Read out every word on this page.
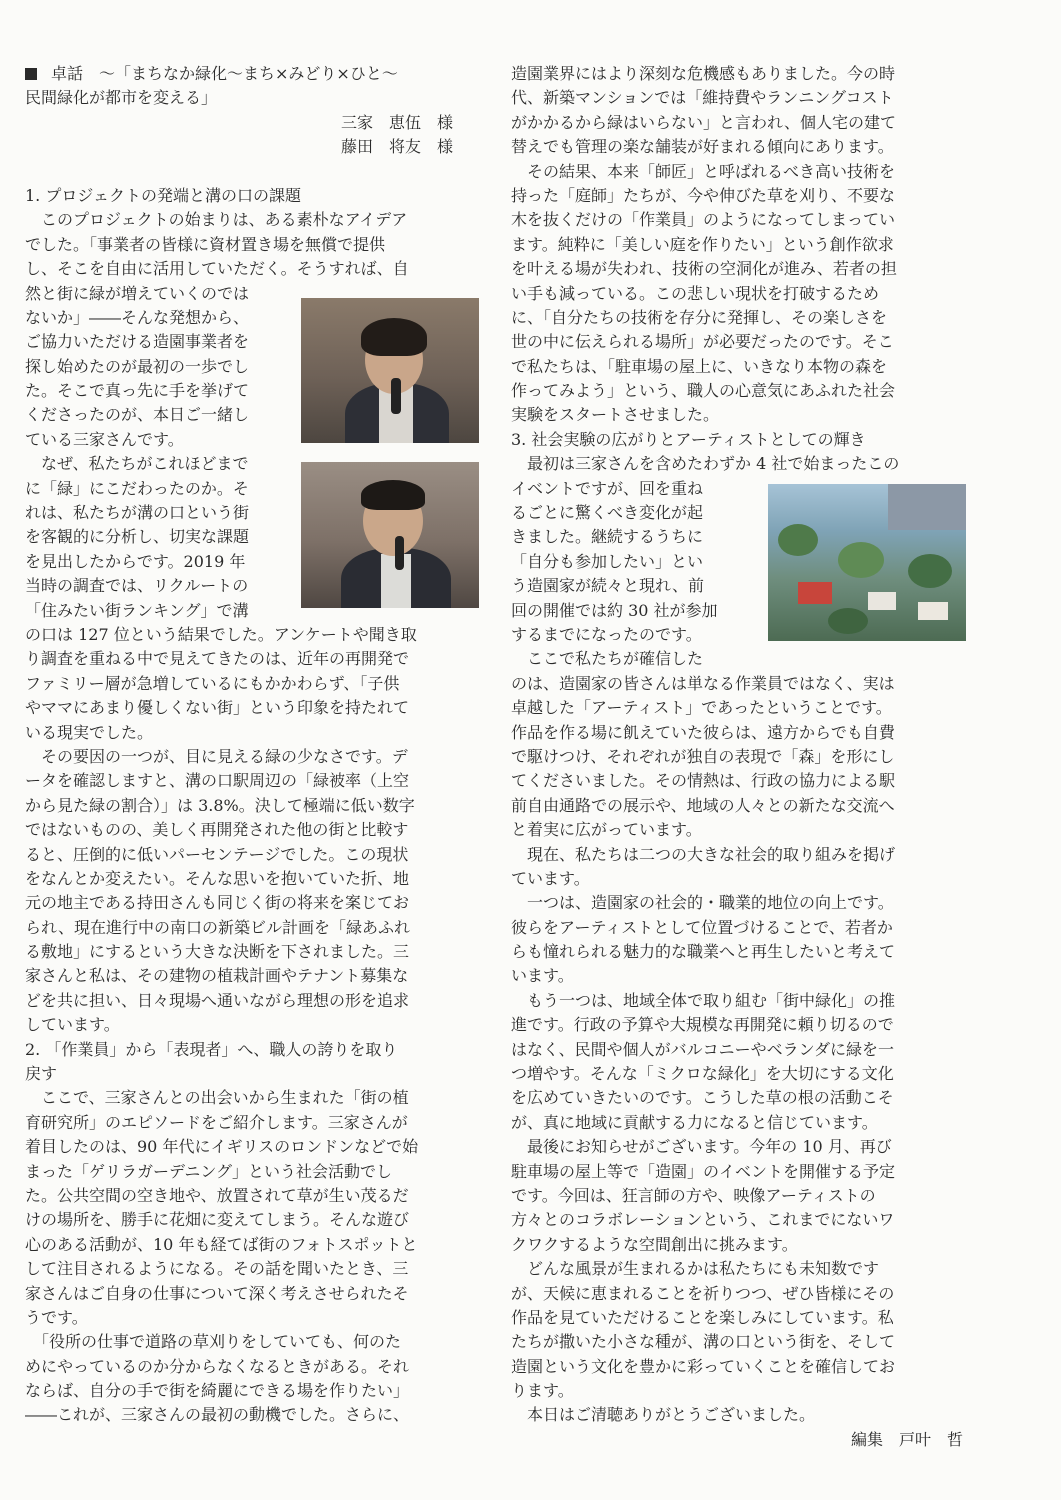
卓話　～「まちなか緑化～まち×みどり×ひと～
民間緑化が都市を変える」
三家　恵伍　様
藤田　将友　様
1. プロジェクトの発端と溝の口の課題
　このプロジェクトの始まりは、ある素朴なアイデア
でした。「事業者の皆様に資材置き場を無償で提供
し、そこを自由に活用していただく。そうすれば、自
然と街に緑が増えていくのでは
ないか」――そんな発想から、
ご協力いただける造園事業者を
探し始めたのが最初の一歩でし
た。そこで真っ先に手を挙げて
くださったのが、本日ご一緒し
ている三家さんです。
　なぜ、私たちがこれほどまで
に「緑」にこだわったのか。そ
れは、私たちが溝の口という街
を客観的に分析し、切実な課題
を見出したからです。2019 年
当時の調査では、リクルートの
「住みたい街ランキング」で溝
の口は 127 位という結果でした。アンケートや聞き取
り調査を重ねる中で見えてきたのは、近年の再開発で
ファミリー層が急増しているにもかかわらず、「子供
やママにあまり優しくない街」という印象を持たれて
いる現実でした。
　その要因の一つが、目に見える緑の少なさです。デ
ータを確認しますと、溝の口駅周辺の「緑被率（上空
から見た緑の割合）」は 3.8%。決して極端に低い数字
ではないものの、美しく再開発された他の街と比較す
ると、圧倒的に低いパーセンテージでした。この現状
をなんとか変えたい。そんな思いを抱いていた折、地
元の地主である持田さんも同じく街の将来を案じてお
られ、現在進行中の南口の新築ビル計画を「緑あふれ
る敷地」にするという大きな決断を下されました。三
家さんと私は、その建物の植栽計画やテナント募集な
どを共に担い、日々現場へ通いながら理想の形を追求
しています。
2. 「作業員」から「表現者」へ、職人の誇りを取り
戻す
　ここで、三家さんとの出会いから生まれた「街の植
育研究所」のエピソードをご紹介します。三家さんが
着目したのは、90 年代にイギリスのロンドンなどで始
まった「ゲリラガーデニング」という社会活動でし
た。公共空間の空き地や、放置されて草が生い茂るだ
けの場所を、勝手に花畑に変えてしまう。そんな遊び
心のある活動が、10 年も経てば街のフォトスポットと
して注目されるようになる。その話を聞いたとき、三
家さんはご自身の仕事について深く考えさせられたそ
うです。
　「役所の仕事で道路の草刈りをしていても、何のた
めにやっているのか分からなくなるときがある。それ
ならば、自分の手で街を綺麗にできる場を作りたい」
――これが、三家さんの最初の動機でした。さらに、
造園業界にはより深刻な危機感もありました。今の時
代、新築マンションでは「維持費やランニングコスト
がかかるから緑はいらない」と言われ、個人宅の建て
替えでも管理の楽な舗装が好まれる傾向にあります。
　その結果、本来「師匠」と呼ばれるべき高い技術を
持った「庭師」たちが、今や伸びた草を刈り、不要な
木を抜くだけの「作業員」のようになってしまってい
ます。純粋に「美しい庭を作りたい」という創作欲求
を叶える場が失われ、技術の空洞化が進み、若者の担
い手も減っている。この悲しい現状を打破するため
に、「自分たちの技術を存分に発揮し、その楽しさを
世の中に伝えられる場所」が必要だったのです。そこ
で私たちは、「駐車場の屋上に、いきなり本物の森を
作ってみよう」という、職人の心意気にあふれた社会
実験をスタートさせました。
3. 社会実験の広がりとアーティストとしての輝き
　最初は三家さんを含めたわずか 4 社で始まったこの
イベントですが、回を重ね
るごとに驚くべき変化が起
きました。継続するうちに
「自分も参加したい」とい
う造園家が続々と現れ、前
回の開催では約 30 社が参加
するまでになったのです。
　ここで私たちが確信した
のは、造園家の皆さんは単なる作業員ではなく、実は
卓越した「アーティスト」であったということです。
作品を作る場に飢えていた彼らは、遠方からでも自費
で駆けつけ、それぞれが独自の表現で「森」を形にし
てくださいました。その情熱は、行政の協力による駅
前自由通路での展示や、地域の人々との新たな交流へ
と着実に広がっています。
　現在、私たちは二つの大きな社会的取り組みを掲げ
ています。
　一つは、造園家の社会的・職業的地位の向上です。
彼らをアーティストとして位置づけることで、若者か
らも憧れられる魅力的な職業へと再生したいと考えて
います。
　もう一つは、地域全体で取り組む「街中緑化」の推
進です。行政の予算や大規模な再開発に頼り切るので
はなく、民間や個人がバルコニーやベランダに緑を一
つ増やす。そんな「ミクロな緑化」を大切にする文化
を広めていきたいのです。こうした草の根の活動こそ
が、真に地域に貢献する力になると信じています。
　最後にお知らせがございます。今年の 10 月、再び
駐車場の屋上等で「造園」のイベントを開催する予定
です。今回は、狂言師の方や、映像アーティストの
方々とのコラボレーションという、これまでにないワ
クワクするような空間創出に挑みます。
　どんな風景が生まれるかは私たちにも未知数です
が、天候に恵まれることを祈りつつ、ぜひ皆様にその
作品を見ていただけることを楽しみにしています。私
たちが撒いた小さな種が、溝の口という街を、そして
造園という文化を豊かに彩っていくことを確信してお
ります。
　本日はご清聴ありがとうございました。
編集　戸叶　哲
